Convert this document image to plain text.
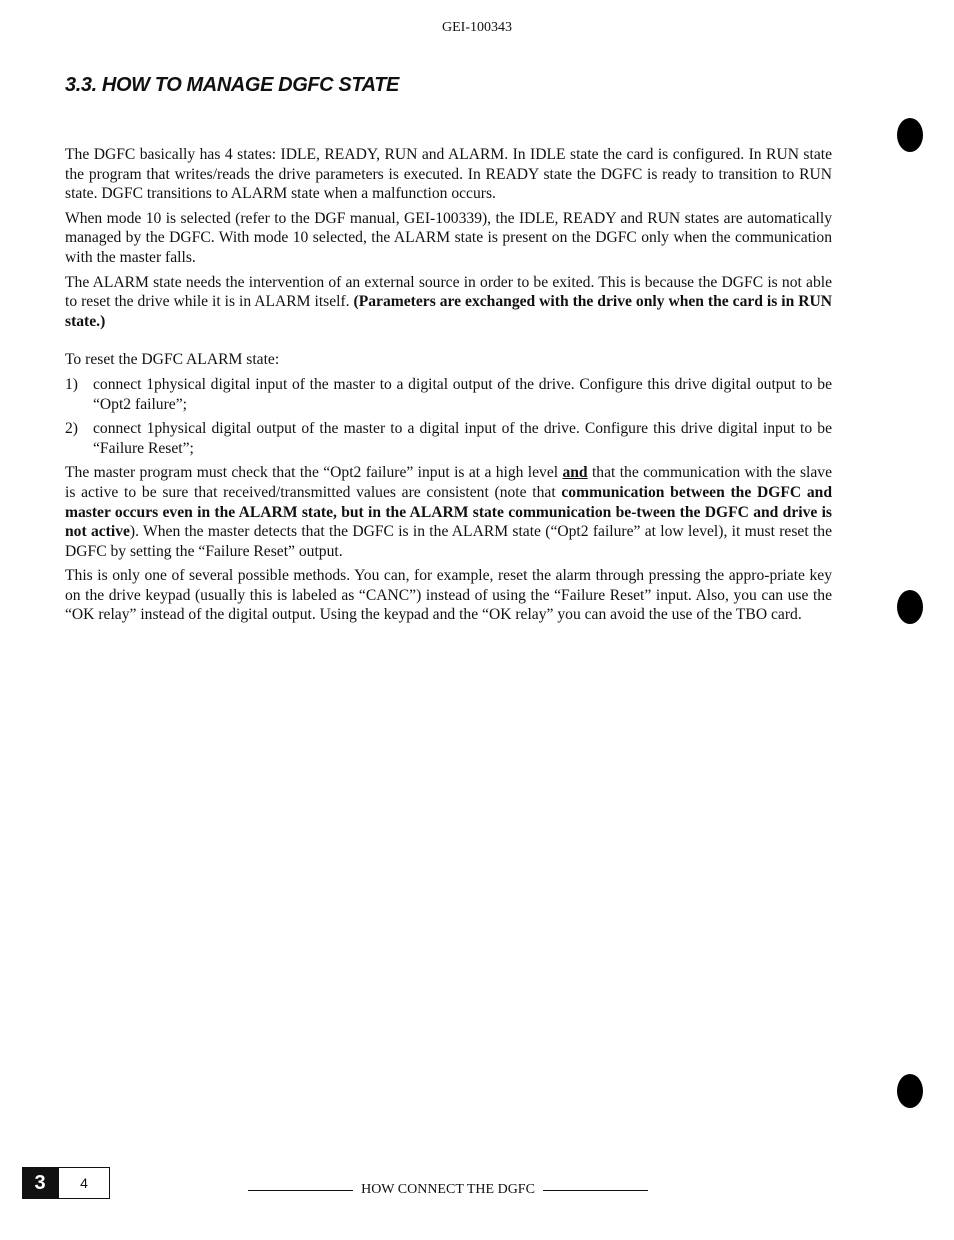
GEI-100343
3.3. HOW TO MANAGE DGFC STATE

The DGFC basically has 4 states: IDLE, READY, RUN and ALARM. In IDLE state the card is configured. In RUN state the program that writes/reads the drive parameters is executed. In READY state the DGFC is ready to transition to RUN state. DGFC transitions to ALARM state when a malfunction occurs.

When mode 10 is selected (refer to the DGF manual, GEI-100339), the IDLE, READY and RUN states are automatically managed by the DGFC. With mode 10 selected, the ALARM state is present on the DGFC only when the communication with the master falls.

The ALARM state needs the intervention of an external source in order to be exited. This is because the DGFC is not able to reset the drive while it is in ALARM itself. (Parameters are exchanged with the drive only when the card is in RUN state.)

To reset the DGFC ALARM state:

1) connect 1physical digital input of the master to a digital output of the drive. Configure this drive digital output to be “Opt2 failure”;
2) connect 1physical digital output of the master to a digital input of the drive. Configure this drive digital input to be “Failure Reset”;

The master program must check that the “Opt2 failure” input is at a high level and that the communication with the slave is active to be sure that received/transmitted values are consistent (note that communication between the DGFC and master occurs even in the ALARM state, but in the ALARM state communication be-tween the DGFC and drive is not active). When the master detects that the DGFC is in the ALARM state (“Opt2 failure” at low level), it must reset the DGFC by setting the “Failure Reset” output.

This is only one of several possible methods. You can, for example, reset the alarm through pressing the appro-priate key on the drive keypad (usually this is labeled as “CANC”) instead of using the “Failure Reset” input. Also, you can use the “OK relay” instead of the digital output. Using the keypad and the “OK relay” you can avoid the use of the TBO card.

3	4	HOW CONNECT THE DGFC
